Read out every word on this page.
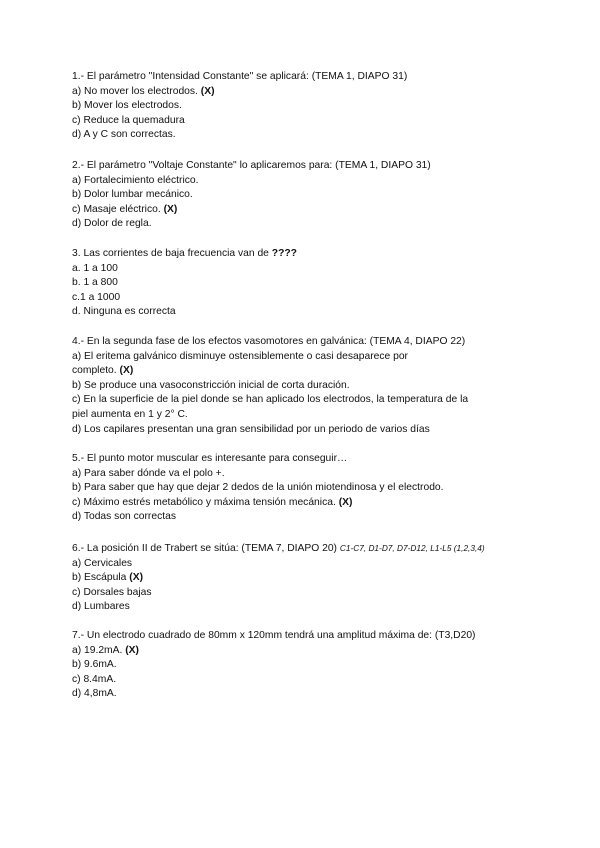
1.- El parámetro "Intensidad Constante" se aplicará: (TEMA 1, DIAPO 31)
a) No mover los electrodos. (X)
b) Mover los electrodos.
c) Reduce la quemadura
d) A y C son correctas.
2.- El parámetro "Voltaje Constante" lo aplicaremos para: (TEMA 1, DIAPO 31)
a) Fortalecimiento eléctrico.
b) Dolor lumbar mecánico.
c) Masaje eléctrico. (X)
d) Dolor de regla.
3. Las corrientes de baja frecuencia van de ????
a. 1 a 100
b. 1 a 800
c.1 a 1000
d. Ninguna es correcta
4.- En la segunda fase de los efectos vasomotores en galvánica: (TEMA 4, DIAPO 22)
a) El eritema galvánico disminuye ostensiblemente o casi desaparece por
completo. (X)
b) Se produce una vasoconstricción inicial de corta duración.
c) En la superficie de la piel donde se han aplicado los electrodos, la temperatura de la
piel aumenta en 1 y 2° C.
d) Los capilares presentan una gran sensibilidad por un periodo de varios días
5.- El punto motor muscular es interesante para conseguir…
a) Para saber dónde va el polo +.
b) Para saber que hay que dejar 2 dedos de la unión miotendinosa y el electrodo.
c) Máximo estrés metabólico y máxima tensión mecánica. (X)
d) Todas son correctas
6.- La posición II de Trabert se sitúa: (TEMA 7, DIAPO 20) C1-C7, D1-D7, D7-D12, L1-L5 (1,2,3,4)
a) Cervicales
b) Escápula (X)
c) Dorsales bajas
d) Lumbares
7.- Un electrodo cuadrado de 80mm x 120mm tendrá una amplitud máxima de: (T3,D20)
a) 19.2mA. (X)
b) 9.6mA.
c) 8.4mA.
d) 4,8mA.
